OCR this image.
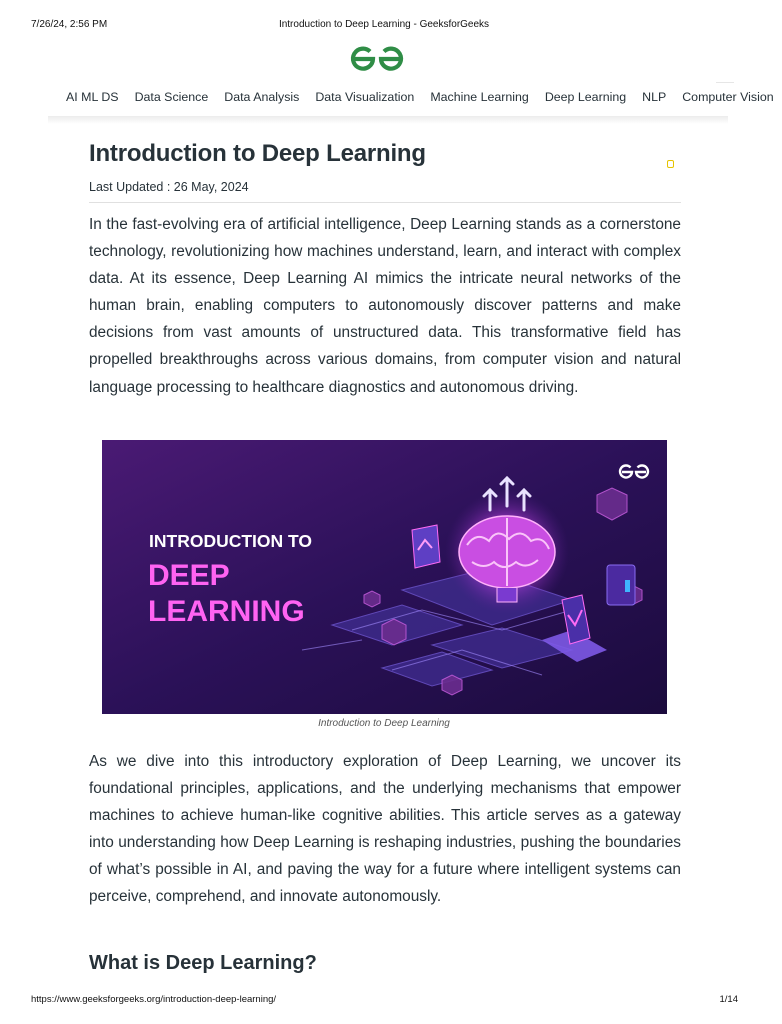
7/26/24, 2:56 PM	Introduction to Deep Learning - GeeksforGeeks
AI ML DS Data Science Data Analysis Data Visualization Machine Learning Deep Learning NLP Computer Vision
Introduction to Deep Learning
Last Updated : 26 May, 2024

In the fast-evolving era of artificial intelligence, Deep Learning stands as a cornerstone technology, revolutionizing how machines understand, learn, and interact with complex data. At its essence, Deep Learning AI mimics the intricate neural networks of the human brain, enabling computers to autonomously discover patterns and make decisions from vast amounts of unstructured data. This transformative field has propelled breakthroughs across various domains, from computer vision and natural language processing to healthcare diagnostics and autonomous driving.

INTRODUCTION TO
DEEP
LEARNING
Introduction to Deep Learning

As we dive into this introductory exploration of Deep Learning, we uncover its foundational principles, applications, and the underlying mechanisms that empower machines to achieve human-like cognitive abilities. This article serves as a gateway into understanding how Deep Learning is reshaping industries, pushing the boundaries of what’s possible in AI, and paving the way for a future where intelligent systems can perceive, comprehend, and innovate autonomously.

What is Deep Learning?
https://www.geeksforgeeks.org/introduction-deep-learning/	1/14
